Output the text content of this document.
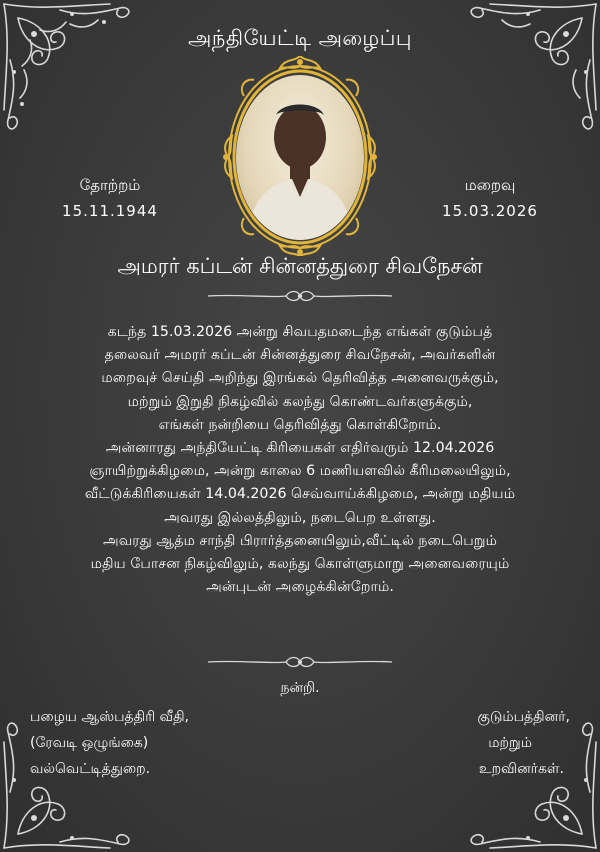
அந்தியேட்டி அழைப்பு
தோற்றம்
15.11.1944
மறைவு
15.03.2026
அமரர் கப்டன் சின்னத்துரை சிவநேசன்
கடந்த 15.03.2026 அன்று சிவபதமடைந்த எங்கள் குடும்பத்
தலைவர் அமரர் கப்டன் சின்னத்துரை சிவநேசன், அவர்களின்
மறைவுச் செய்தி அறிந்து இரங்கல் தெரிவித்த அனைவருக்கும்,
மற்றும் இறுதி நிகழ்வில் கலந்து கொண்டவர்களுக்கும்,
எங்கள் நன்றியை தெரிவித்து கொள்கிறோம்.
அன்னாரது அந்தியேட்டி கிரியைகள் எதிர்வரும் 12.04.2026
ஞாயிற்றுக்கிழமை, அன்று காலை 6 மணியளவில் கீரிமலையிலும்,
வீட்டுக்கிரியைகள் 14.04.2026 செவ்வாய்க்கிழமை, அன்று மதியம்
அவரது இல்லத்திலும், நடைபெற உள்ளது.
அவரது ஆத்ம சாந்தி பிரார்த்தனையிலும்,வீட்டில் நடைபெறும்
மதிய போசன நிகழ்விலும், கலந்து கொள்ளுமாறு அனைவரையும்
அன்புடன் அழைக்கின்றோம்.
நன்றி.
பழைய ஆஸ்பத்திரி வீதி,
(ரேவடி ஒழுங்கை)
வல்வெட்டித்துறை.
குடும்பத்தினர்,
மற்றும்
உறவினர்கள்.
